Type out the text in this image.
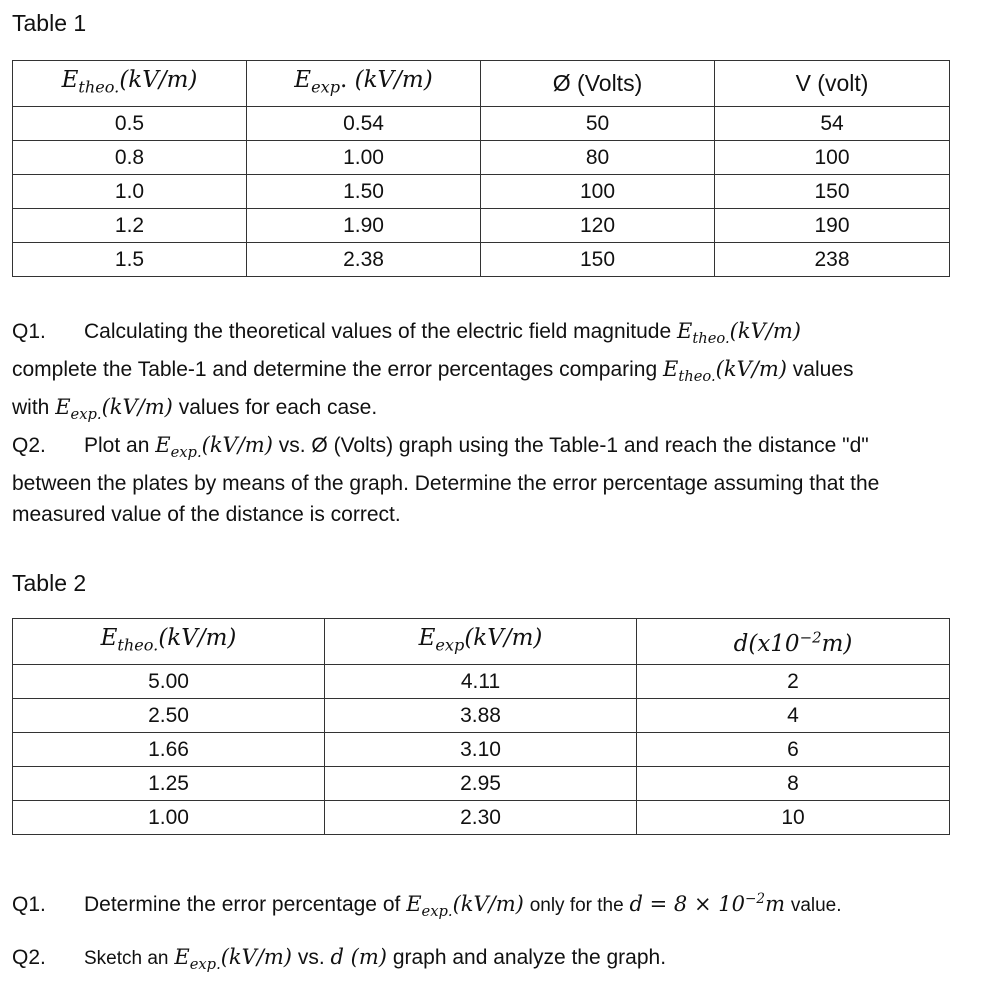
Table 1
$E_{theo.}(kV/m)$	$E_{exp}$. (kV/m)	Ø (Volts)	V (volt)
0.5	0.54	50	54
0.8	1.00	80	100
1.0	1.50	100	150
1.2	1.90	120	190
1.5	2.38	150	238
Q1. Calculating the theoretical values of the electric field magnitude $E_{theo.}(kV/m)$
complete the Table-1 and determine the error percentages comparing $E_{theo.}(kV/m)$ values
with $E_{exp.}(kV/m)$ values for each case.
Q2. Plot an $E_{exp.}(kV/m)$ vs. Ø (Volts) graph using the Table-1 and reach the distance "d"
between the plates by means of the graph. Determine the error percentage assuming that the
measured value of the distance is correct.
Table 2
$E_{theo.}(kV/m)$	$E_{exp}(kV/m)$	$d(x10^{-2}m)$
5.00	4.11	2
2.50	3.88	4
1.66	3.10	6
1.25	2.95	8
1.00	2.30	10
Q1. Determine the error percentage of $E_{exp.}(kV/m)$ only for the $d = 8 \times 10^{-2}m$ value.
Q2. Sketch an $E_{exp.}(kV/m)$ vs. d (m) graph and analyze the graph.
